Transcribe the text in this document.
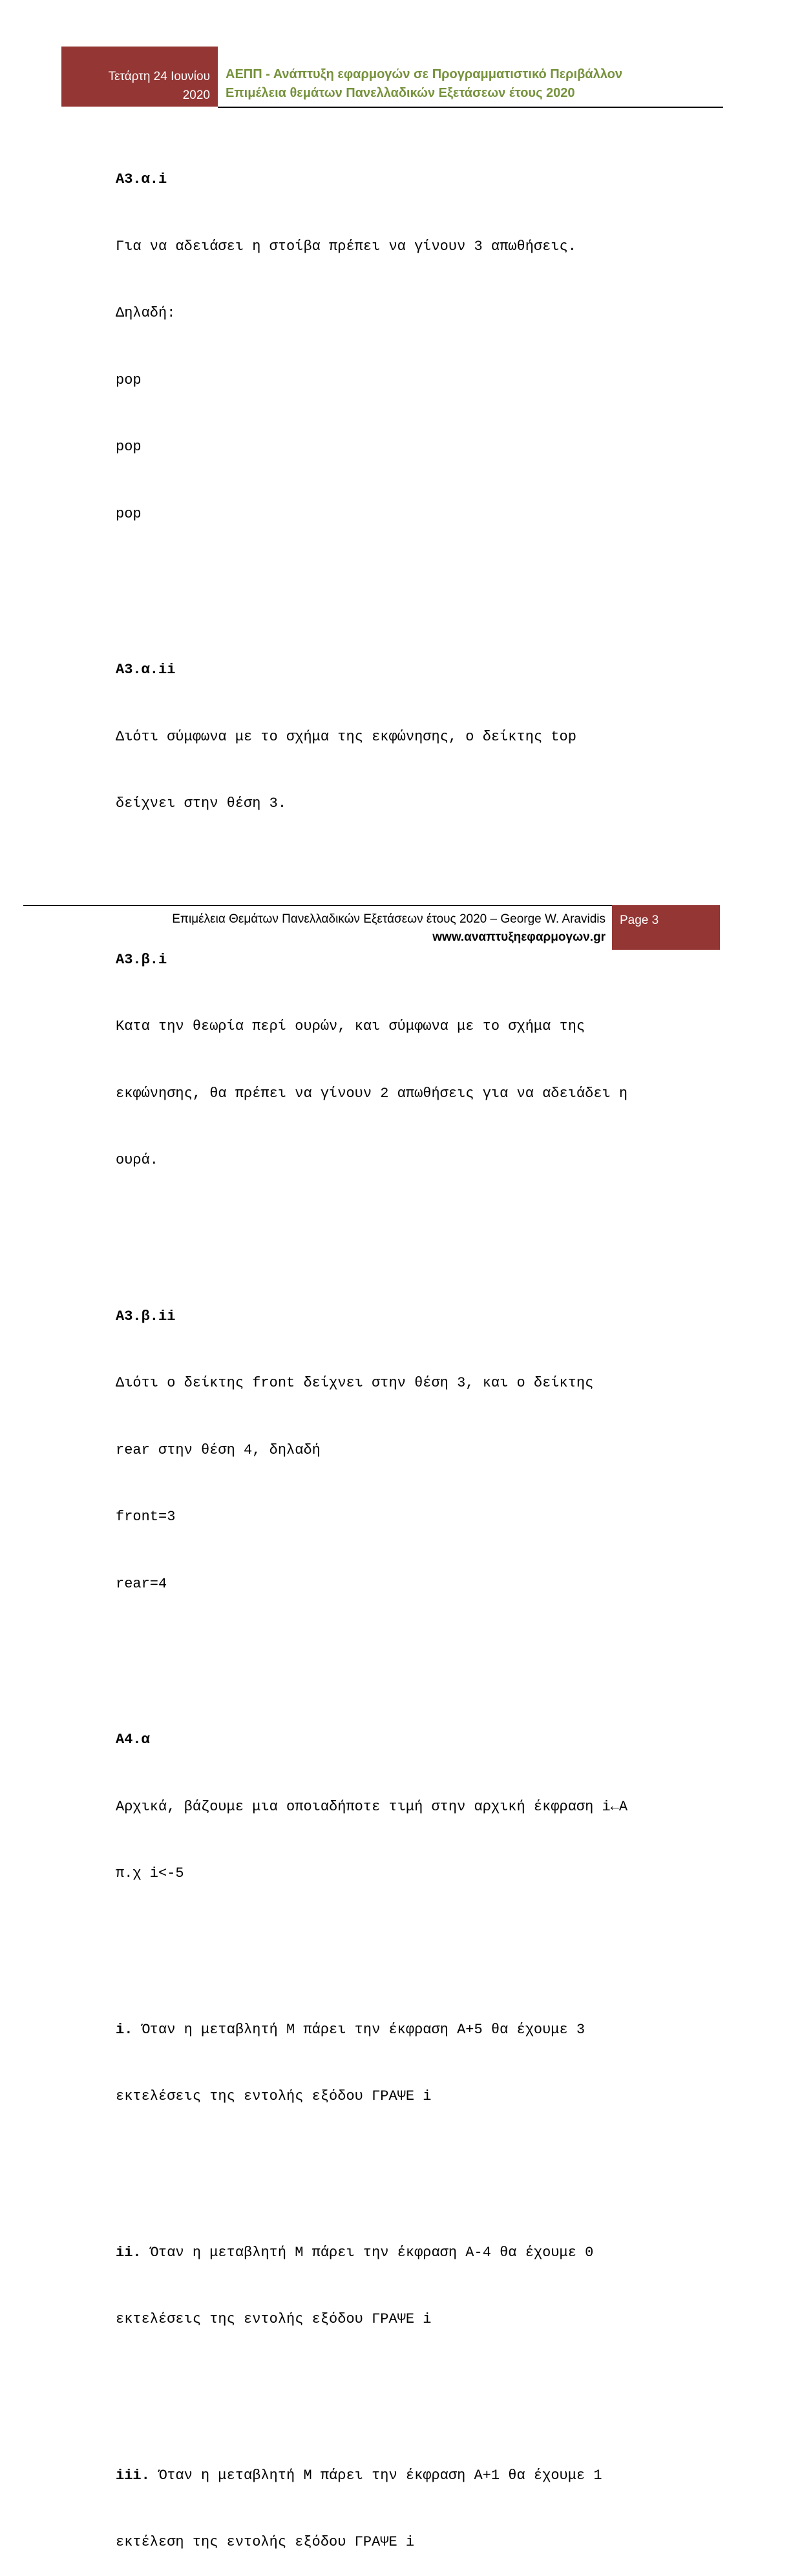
Τετάρτη 24 Ιουνίου
2020
ΑΕΠΠ - Ανάπτυξη εφαρμογών σε Προγραμματιστικό Περιβάλλον
Επιμέλεια θεμάτων Πανελλαδικών Εξετάσεων έτους 2020

A3.α.i

Για να αδειάσει η στοίβα πρέπει να γίνουν 3 απωθήσεις.

Δηλαδή:

pop

pop

pop

A3.α.ii

Διότι σύμφωνα με το σχήμα της εκφώνησης, ο δείκτης top

δείχνει στην θέση 3.

A3.β.i

Κατα την θεωρία περί ουρών, και σύμφωνα με το σχήμα της

εκφώνησης, θα πρέπει να γίνουν 2 απωθήσεις για να αδειάδει η

ουρά.

A3.β.ii

Διότι ο δείκτης front δείχνει στην θέση 3, και ο δείκτης

rear στην θέση 4, δηλαδή

front=3

rear=4

A4.α

Αρχικά, βάζουμε μια οποιαδήποτε τιμή στην αρχική έκφραση i←A

π.χ i<-5

i. Όταν η μεταβλητή Μ πάρει την έκφραση A+5 θα έχουμε 3

εκτελέσεις της εντολής εξόδου ΓΡΑΨΕ i

ii. Όταν η μεταβλητή Μ πάρει την έκφραση A-4 θα έχουμε 0

εκτελέσεις της εντολής εξόδου ΓΡΑΨΕ i

iii. Όταν η μεταβλητή Μ πάρει την έκφραση A+1 θα έχουμε 1

εκτέλεση της εντολής εξόδου ΓΡΑΨΕ i

Επιμέλεια Θεμάτων Πανελλαδικών Εξετάσεων έτους 2020 – George W. Aravidis
www.αναπτυξηεφαρμογων.gr
Page 3
